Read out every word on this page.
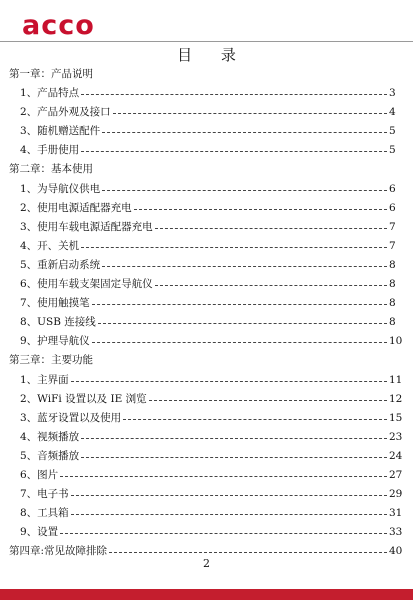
acco
目 录
第一章：产品说明
1、产品特点	3
2、产品外观及接口	4
3、随机赠送配件	5
4、手册使用	5
第二章：基本使用
1、为导航仪供电	6
2、使用电源适配器充电	6
3、使用车载电源适配器充电	7
4、开、关机	7
5、重新启动系统	8
6、使用车载支架固定导航仪	8
7、使用触摸笔	8
8、USB 连接线	8
9、护理导航仪	10
第三章：主要功能
1、主界面	11
2、WiFi 设置以及 IE 浏览	12
3、蓝牙设置以及使用	15
4、视频播放	23
5、音频播放	24
6、图片	27
7、电子书	29
8、工具箱	31
9、设置	33
第四章:常见故障排除	40
2
